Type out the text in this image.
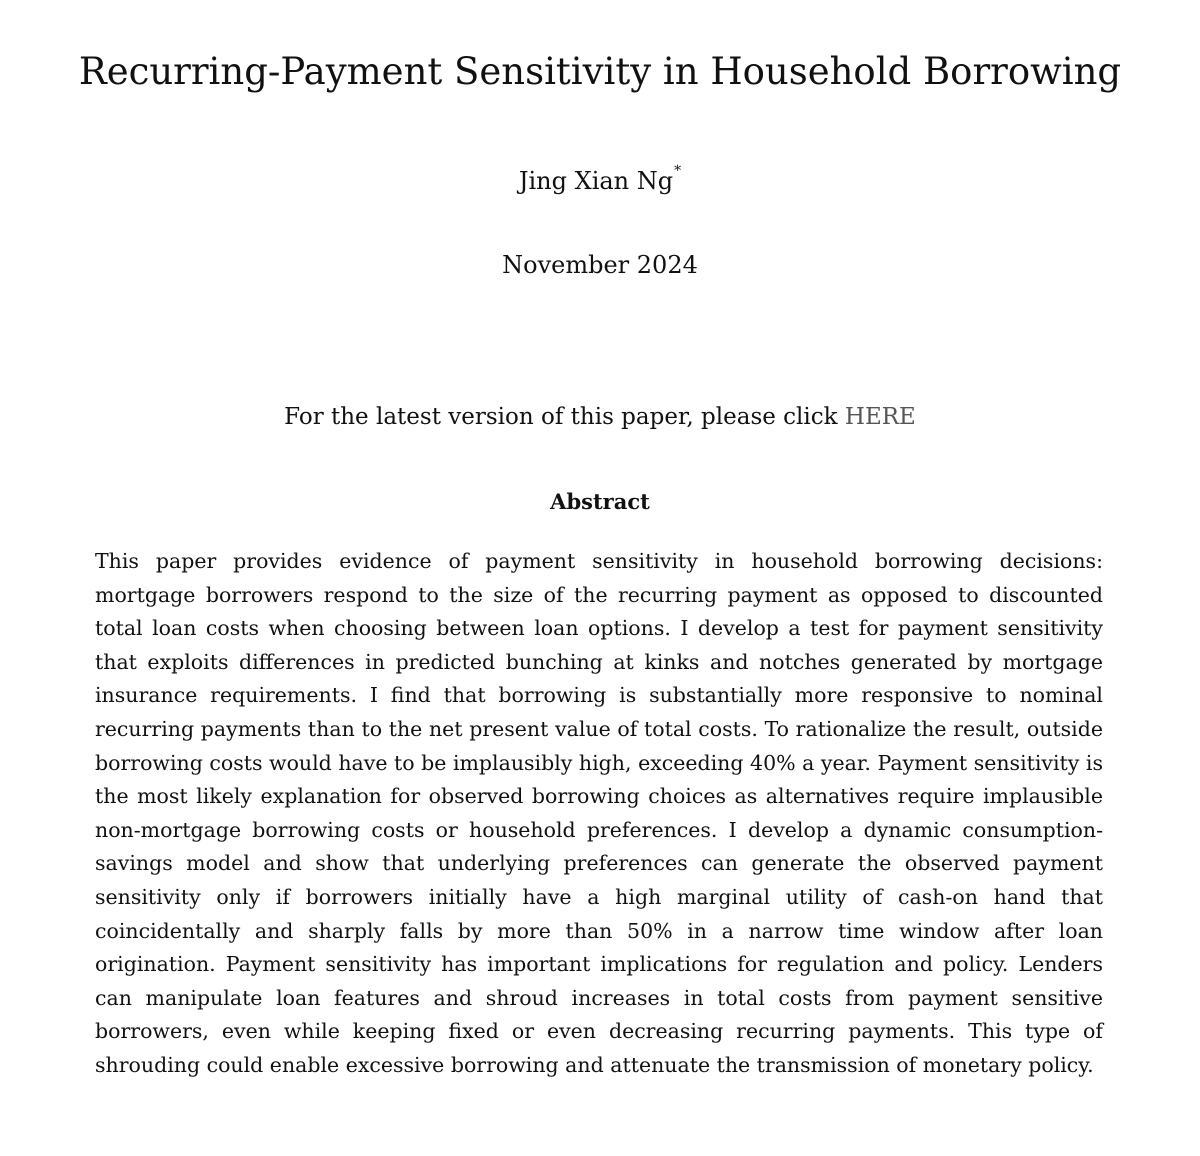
Recurring-Payment Sensitivity in Household Borrowing
Jing Xian Ng*
November 2024
For the latest version of this paper, please click HERE
Abstract

This paper provides evidence of payment sensitivity in household borrowing decisions: mortgage borrowers respond to the size of the recurring payment as opposed to discounted total loan costs when choosing between loan options. I develop a test for payment sensitivity that exploits differences in predicted bunching at kinks and notches generated by mortgage insurance requirements. I find that borrowing is substantially more responsive to nominal recurring payments than to the net present value of total costs. To rationalize the result, outside borrowing costs would have to be implausibly high, exceeding 40% a year. Payment sensitivity is the most likely explanation for observed borrowing choices as alternatives require implausible non-mortgage borrowing costs or household preferences. I develop a dynamic consumption-savings model and show that underlying preferences can generate the observed payment sensitivity only if borrowers initially have a high marginal utility of cash-on hand that coincidentally and sharply falls by more than 50% in a narrow time window after loan origination. Payment sensitivity has important implications for regulation and policy. Lenders can manipulate loan features and shroud increases in total costs from payment sensitive borrowers, even while keeping fixed or even decreasing recurring payments. This type of shrouding could enable excessive borrowing and attenuate the transmission of monetary policy.
